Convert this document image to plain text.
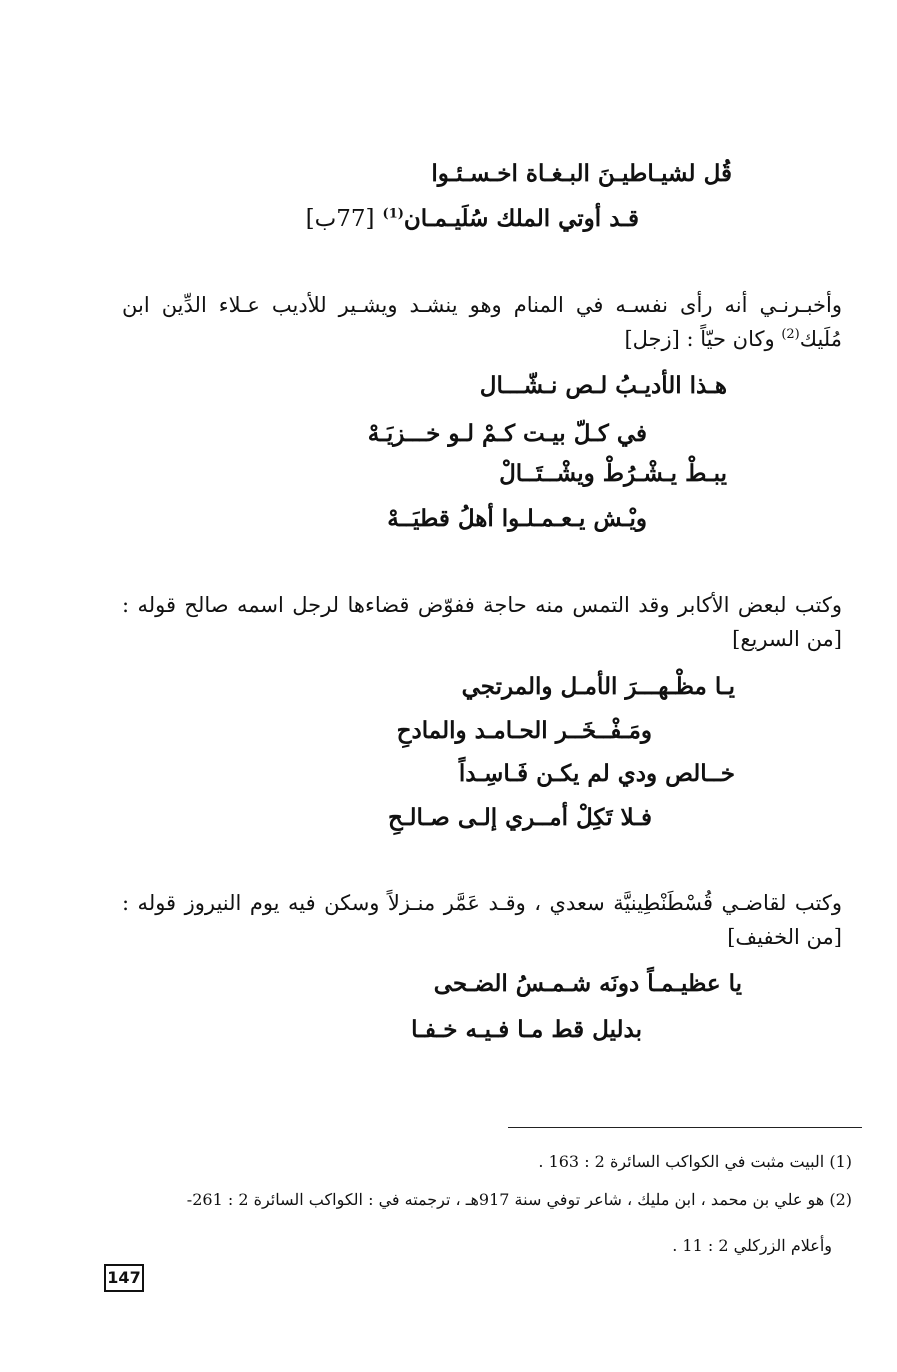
قُل لشيـاطيـنَ البـغـاة اخـسـئـوا
قـد أوتي الملك سُلَيـمـان$^{(1)}$ [77ب]
وأخبـرنـي أنه رأى نفسـه في المنام وهو ينشـد ويشـير للأديب عـلاء الدِّين ابن مُلَيك$^{(2)}$ وكان حيّاً : [زجل]
هـذا الأديـبُ لـص نـشّـــال
في كـلّ بيـت كـمْ لـو خـــزيَـهْ
يبـطْ يـشْـرُطْ ويشْــتَــالْ
ويْـش يـعـمـلـوا أهلُ قطيَــهْ
وكتب لبعض الأكابر وقد التمس منه حاجة ففوّض قضاءها لرجل اسمه صالح قوله : [من السريع]
يـا مظْـهـــرَ الأمـل والمرتجي
ومَـفْــخَــر الحـامـد والمادحِ
خــالص ودي لم يكـن فَـاسِـداً
فـلا تَكِلْ أمــري إلـى صـالـحِ
وكتب لقاضـي قُسْطَنْطِينيَّة سعدي ، وقـد عَمَّر منـزلاً وسكن فيه يوم النيروز قوله : [من الخفيف]
يا عظيـمـاً دونَه شـمـسُ الضـحى
بدليل قط مـا فـيـه خـفـا
(1) البيت مثبت في الكواكب السائرة 2 : 163 .
(2) هو علي بن محمد ، ابن مليك ، شاعر توفي سنة 917هـ ، ترجمته في : الكواكب السائرة 2 : 261-
وأعلام الزركلي 2 : 11 .
147
